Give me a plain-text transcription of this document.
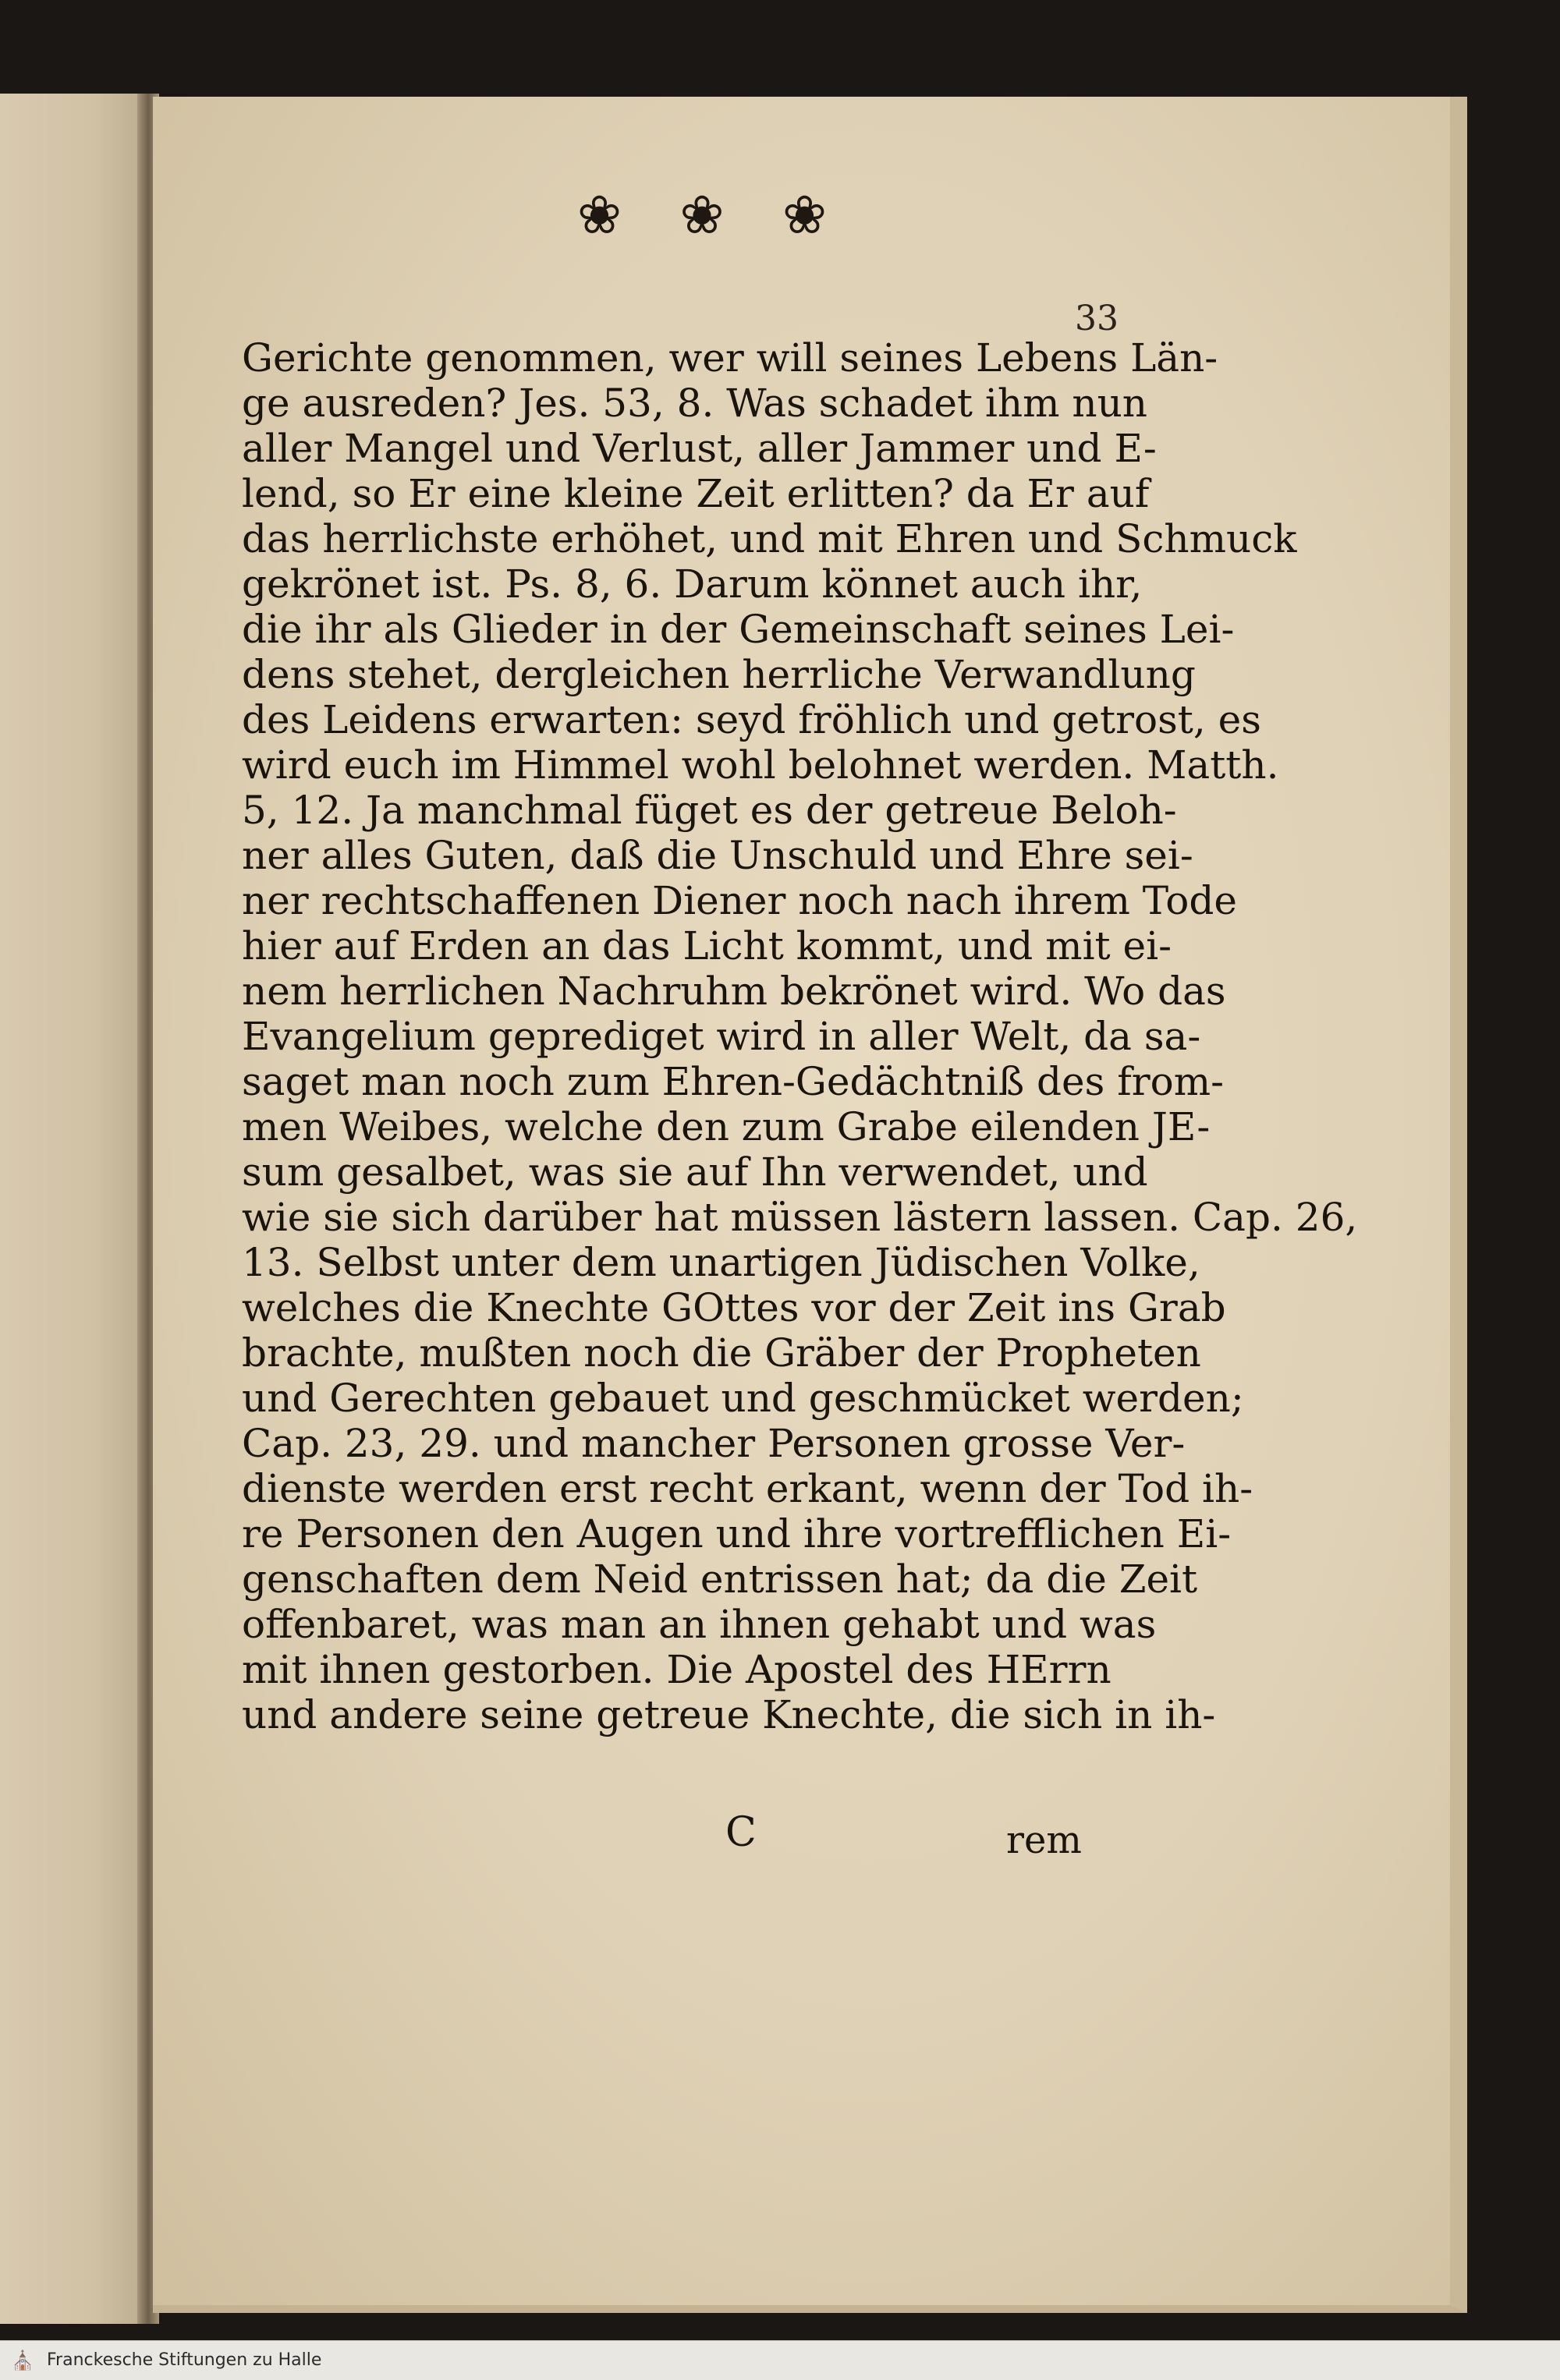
❀ ❀ ❀
33
Gerichte genommen, wer will seines Lebens Län-
ge ausreden? Jes. 53, 8. Was schadet ihm nun
aller Mangel und Verlust, aller Jammer und E-
lend, so Er eine kleine Zeit erlitten? da Er auf
das herrlichste erhöhet, und mit Ehren und Schmuck
gekrönet ist. Ps. 8, 6. Darum könnet auch ihr,
die ihr als Glieder in der Gemeinschaft seines Lei-
dens stehet, dergleichen herrliche Verwandlung
des Leidens erwarten: seyd fröhlich und getrost, es
wird euch im Himmel wohl belohnet werden. Matth.
5, 12. Ja manchmal füget es der getreue Beloh-
ner alles Guten, daß die Unschuld und Ehre sei-
ner rechtschaffenen Diener noch nach ihrem Tode
hier auf Erden an das Licht kommt, und mit ei-
nem herrlichen Nachruhm bekrönet wird. Wo das
Evangelium geprediget wird in aller Welt, da sa-
saget man noch zum Ehren-Gedächtniß des from-
men Weibes, welche den zum Grabe eilenden JE-
sum gesalbet, was sie auf Ihn verwendet, und
wie sie sich darüber hat müssen lästern lassen. Cap. 26,
13. Selbst unter dem unartigen Jüdischen Volke,
welches die Knechte GOttes vor der Zeit ins Grab
brachte, mußten noch die Gräber der Propheten
und Gerechten gebauet und geschmücket werden;
Cap. 23, 29. und mancher Personen grosse Ver-
dienste werden erst recht erkant, wenn der Tod ih-
re Personen den Augen und ihre vortrefflichen Ei-
genschaften dem Neid entrissen hat; da die Zeit
offenbaret, was man an ihnen gehabt und was
mit ihnen gestorben. Die Apostel des HErrn
und andere seine getreue Knechte, die sich in ih-
C	rem
⛪ Franckesche Stiftungen zu Halle
